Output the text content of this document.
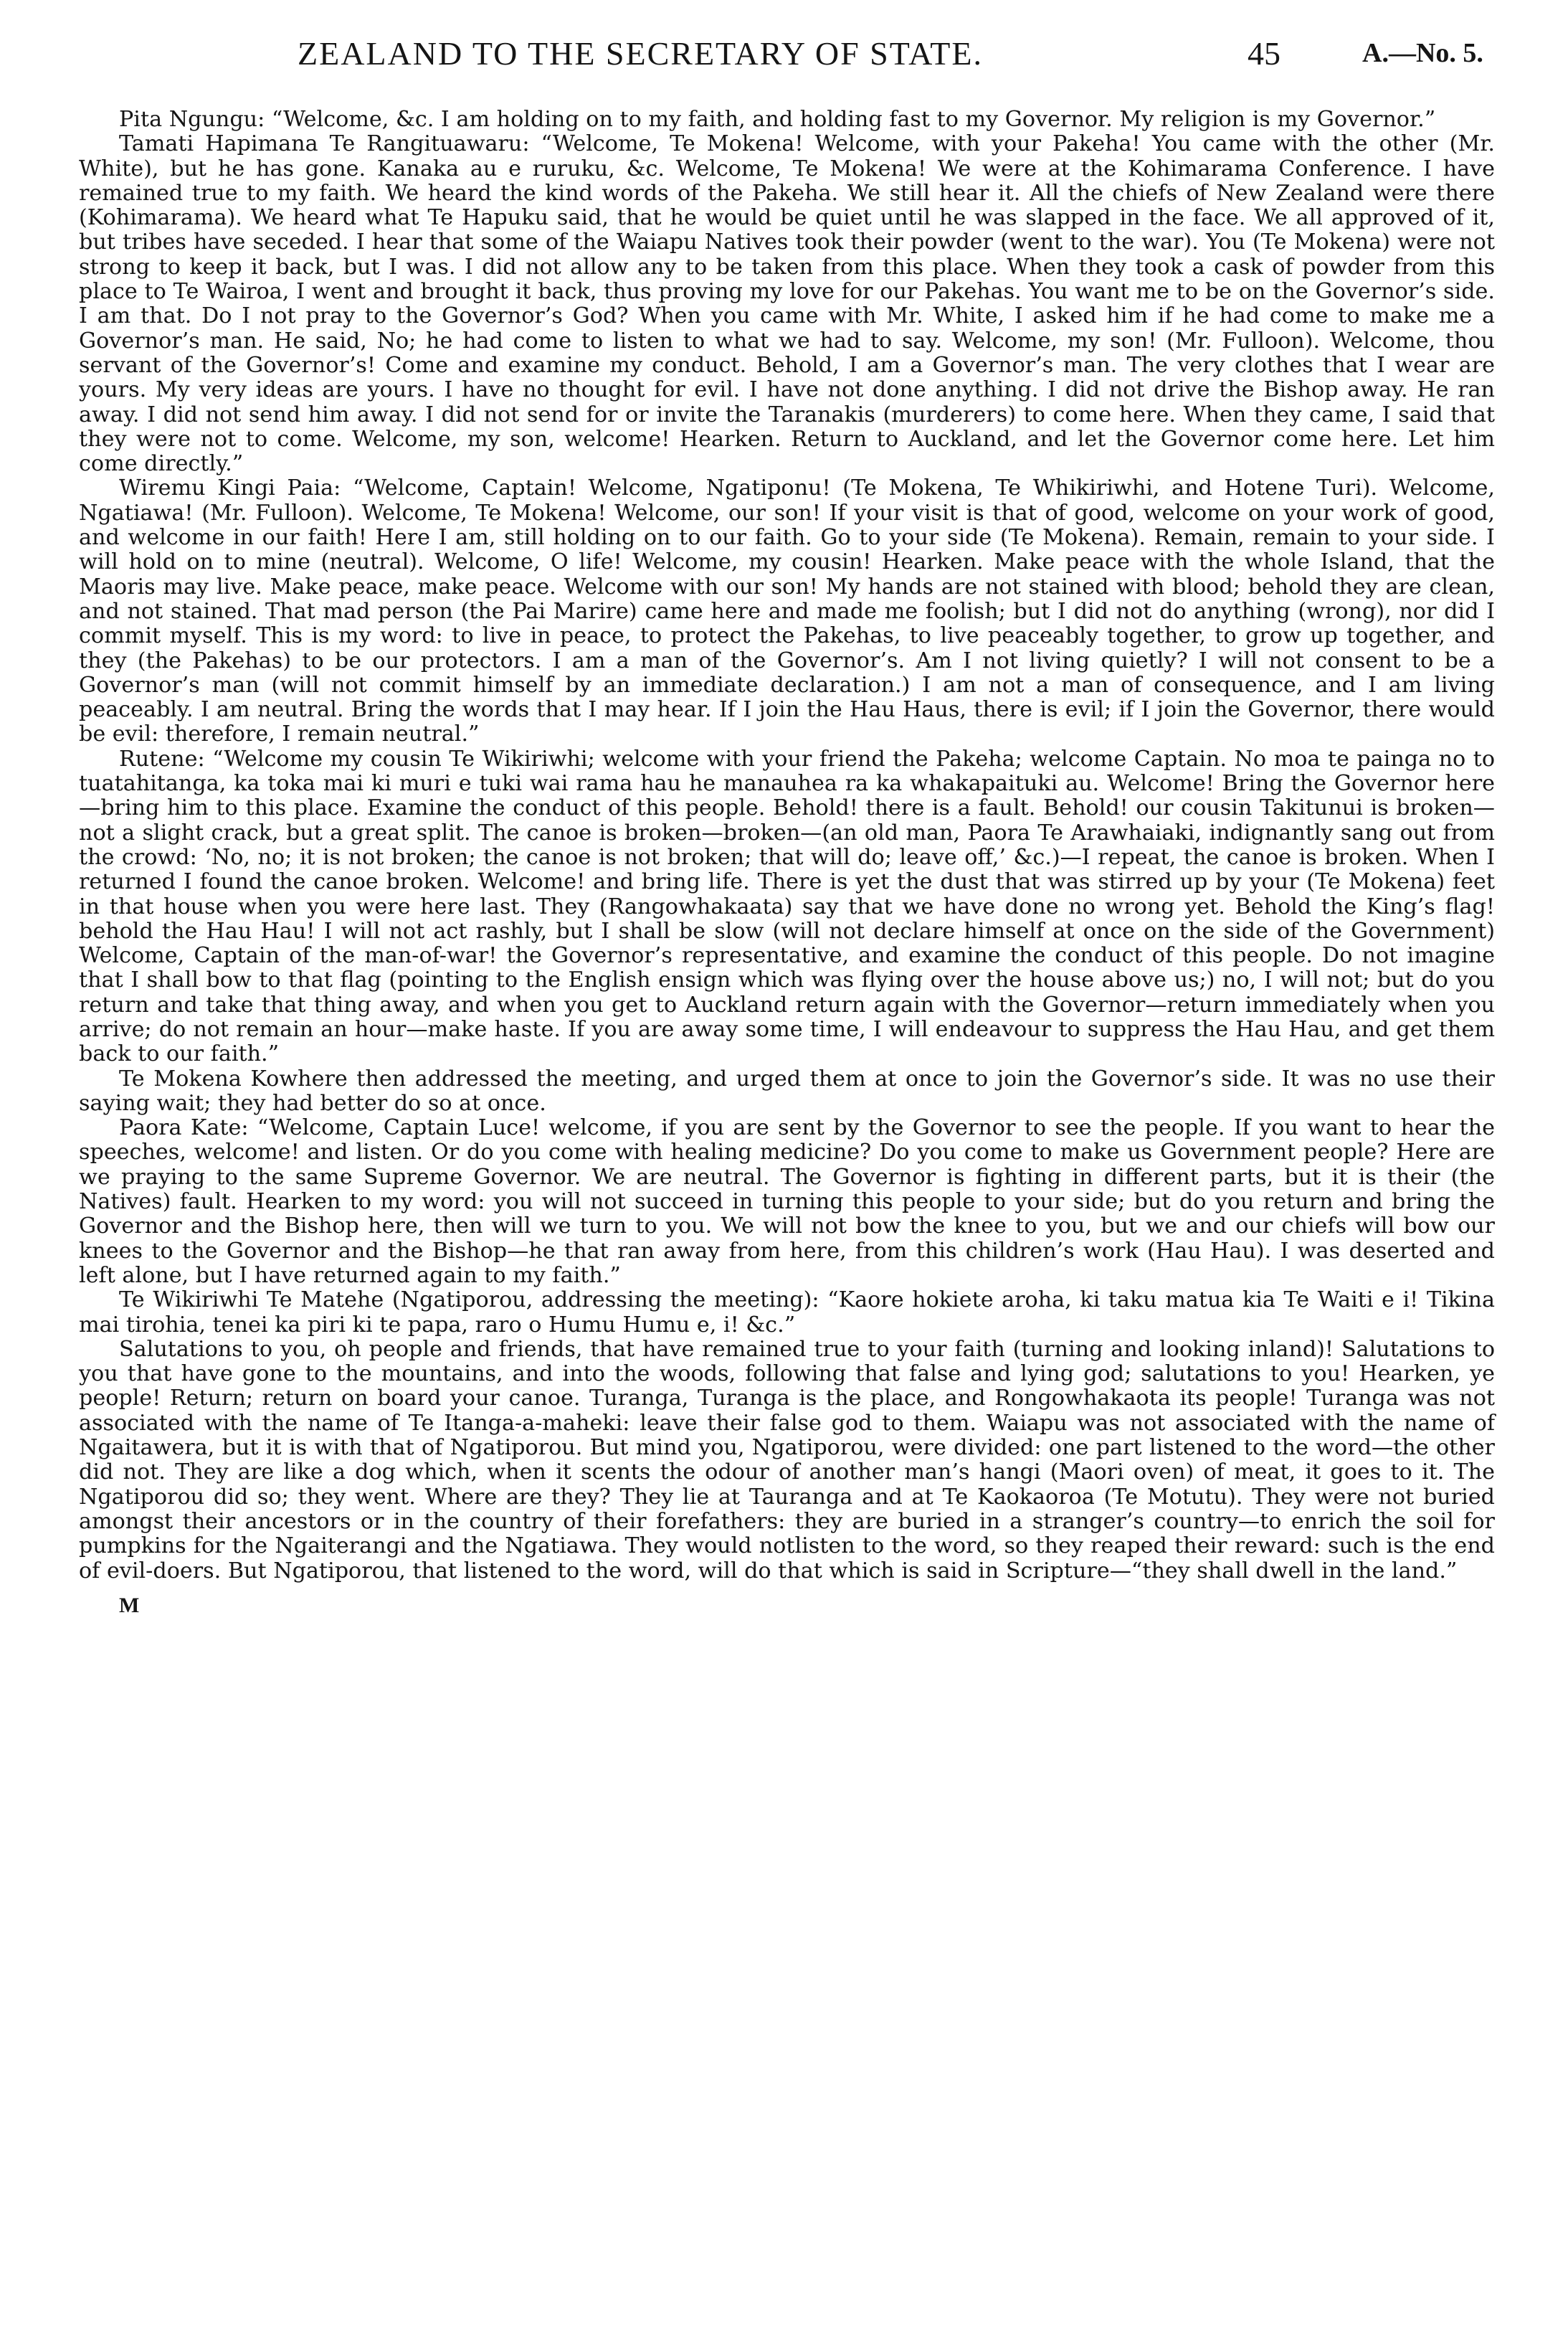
ZEALAND TO THE SECRETARY OF STATE.	45	A.—No. 5.

Pita Ngungu: “Welcome, &c. I am holding on to my faith, and holding fast to my Governor. My religion is my Governor.”

Tamati Hapimana Te Rangituawaru: “Welcome, Te Mokena! Welcome, with your Pakeha! You came with the other (Mr. White), but he has gone. Kanaka au e ruruku, &c. Welcome, Te Mokena! We were at the Kohimarama Conference. I have remained true to my faith. We heard the kind words of the Pakeha. We still hear it. All the chiefs of New Zealand were there (Kohimarama). We heard what Te Hapuku said, that he would be quiet until he was slapped in the face. We all approved of it, but tribes have seceded. I hear that some of the Waiapu Natives took their powder (went to the war). You (Te Mokena) were not strong to keep it back, but I was. I did not allow any to be taken from this place. When they took a cask of powder from this place to Te Wairoa, I went and brought it back, thus proving my love for our Pakehas. You want me to be on the Governor’s side. I am that. Do I not pray to the Governor’s God? When you came with Mr. White, I asked him if he had come to make me a Governor’s man. He said, No; he had come to listen to what we had to say. Welcome, my son! (Mr. Fulloon). Welcome, thou servant of the Governor’s! Come and examine my conduct. Behold, I am a Governor’s man. The very clothes that I wear are yours. My very ideas are yours. I have no thought for evil. I have not done anything. I did not drive the Bishop away. He ran away. I did not send him away. I did not send for or invite the Taranakis (murderers) to come here. When they came, I said that they were not to come. Welcome, my son, welcome! Hearken. Return to Auckland, and let the Governor come here. Let him come directly.”

Wiremu Kingi Paia: “Welcome, Captain! Welcome, Ngatiponu! (Te Mokena, Te Whikiriwhi, and Hotene Turi). Welcome, Ngatiawa! (Mr. Fulloon). Welcome, Te Mokena! Welcome, our son! If your visit is that of good, welcome on your work of good, and welcome in our faith! Here I am, still holding on to our faith. Go to your side (Te Mokena). Remain, remain to your side. I will hold on to mine (neutral). Welcome, O life! Welcome, my cousin! Hearken. Make peace with the whole Island, that the Maoris may live. Make peace, make peace. Welcome with our son! My hands are not stained with blood; behold they are clean, and not stained. That mad person (the Pai Marire) came here and made me foolish; but I did not do anything (wrong), nor did I commit myself. This is my word: to live in peace, to protect the Pakehas, to live peaceably together, to grow up together, and they (the Pakehas) to be our protectors. I am a man of the Governor’s. Am I not living quietly? I will not consent to be a Governor’s man (will not commit himself by an immediate declaration.) I am not a man of consequence, and I am living peaceably. I am neutral. Bring the words that I may hear. If I join the Hau Haus, there is evil; if I join the Governor, there would be evil: therefore, I remain neutral.”

Rutene: “Welcome my cousin Te Wikiriwhi; welcome with your friend the Pakeha; welcome Captain. No moa te painga no to tuatahitanga, ka toka mai ki muri e tuki wai rama hau he manauhea ra ka whakapaituki au. Welcome! Bring the Governor here—bring him to this place. Examine the conduct of this people. Behold! there is a fault. Behold! our cousin Takitunui is broken—not a slight crack, but a great split. The canoe is broken—broken—(an old man, Paora Te Arawhaiaki, indignantly sang out from the crowd: ‘No, no; it is not broken; the canoe is not broken; that will do; leave off,’ &c.)—I repeat, the canoe is broken. When I returned I found the canoe broken. Welcome! and bring life. There is yet the dust that was stirred up by your (Te Mokena) feet in that house when you were here last. They (Rangowhakaata) say that we have done no wrong yet. Behold the King’s flag! behold the Hau Hau! I will not act rashly, but I shall be slow (will not declare himself at once on the side of the Government) Welcome, Captain of the man-of-war! the Governor’s representative, and examine the conduct of this people. Do not imagine that I shall bow to that flag (pointing to the English ensign which was flying over the house above us;) no, I will not; but do you return and take that thing away, and when you get to Auckland return again with the Governor—return immediately when you arrive; do not remain an hour—make haste. If you are away some time, I will endeavour to suppress the Hau Hau, and get them back to our faith.”

Te Mokena Kowhere then addressed the meeting, and urged them at once to join the Governor’s side. It was no use their saying wait; they had better do so at once.

Paora Kate: “Welcome, Captain Luce! welcome, if you are sent by the Governor to see the people. If you want to hear the speeches, welcome! and listen. Or do you come with healing medicine? Do you come to make us Government people? Here are we praying to the same Supreme Governor. We are neutral. The Governor is fighting in different parts, but it is their (the Natives) fault. Hearken to my word: you will not succeed in turning this people to your side; but do you return and bring the Governor and the Bishop here, then will we turn to you. We will not bow the knee to you, but we and our chiefs will bow our knees to the Governor and the Bishop—he that ran away from here, from this children’s work (Hau Hau). I was deserted and left alone, but I have returned again to my faith.”

Te Wikiriwhi Te Matehe (Ngatiporou, addressing the meeting): “Kaore hokiete aroha, ki taku matua kia Te Waiti e i! Tikina mai tirohia, tenei ka piri ki te papa, raro o Humu Humu e, i! &c.”

Salutations to you, oh people and friends, that have remained true to your faith (turning and looking inland)! Salutations to you that have gone to the mountains, and into the woods, following that false and lying god; salutations to you! Hearken, ye people! Return; return on board your canoe. Turanga, Turanga is the place, and Rongowhakaota its people! Turanga was not associated with the name of Te Itanga-a-maheki: leave their false god to them. Waiapu was not associated with the name of Ngaitawera, but it is with that of Ngatiporou. But mind you, Ngatiporou, were divided: one part listened to the word—the other did not. They are like a dog which, when it scents the odour of another man’s hangi (Maori oven) of meat, it goes to it. The Ngatiporou did so; they went. Where are they? They lie at Tauranga and at Te Kaokaoroa (Te Motutu). They were not buried amongst their ancestors or in the country of their forefathers: they are buried in a stranger’s country—to enrich the soil for pumpkins for the Ngaiterangi and the Ngatiawa. They would notlisten to the word, so they reaped their reward: such is the end of evil-doers. But Ngatiporou, that listened to the word, will do that which is said in Scripture—“they shall dwell in the land.”

M
